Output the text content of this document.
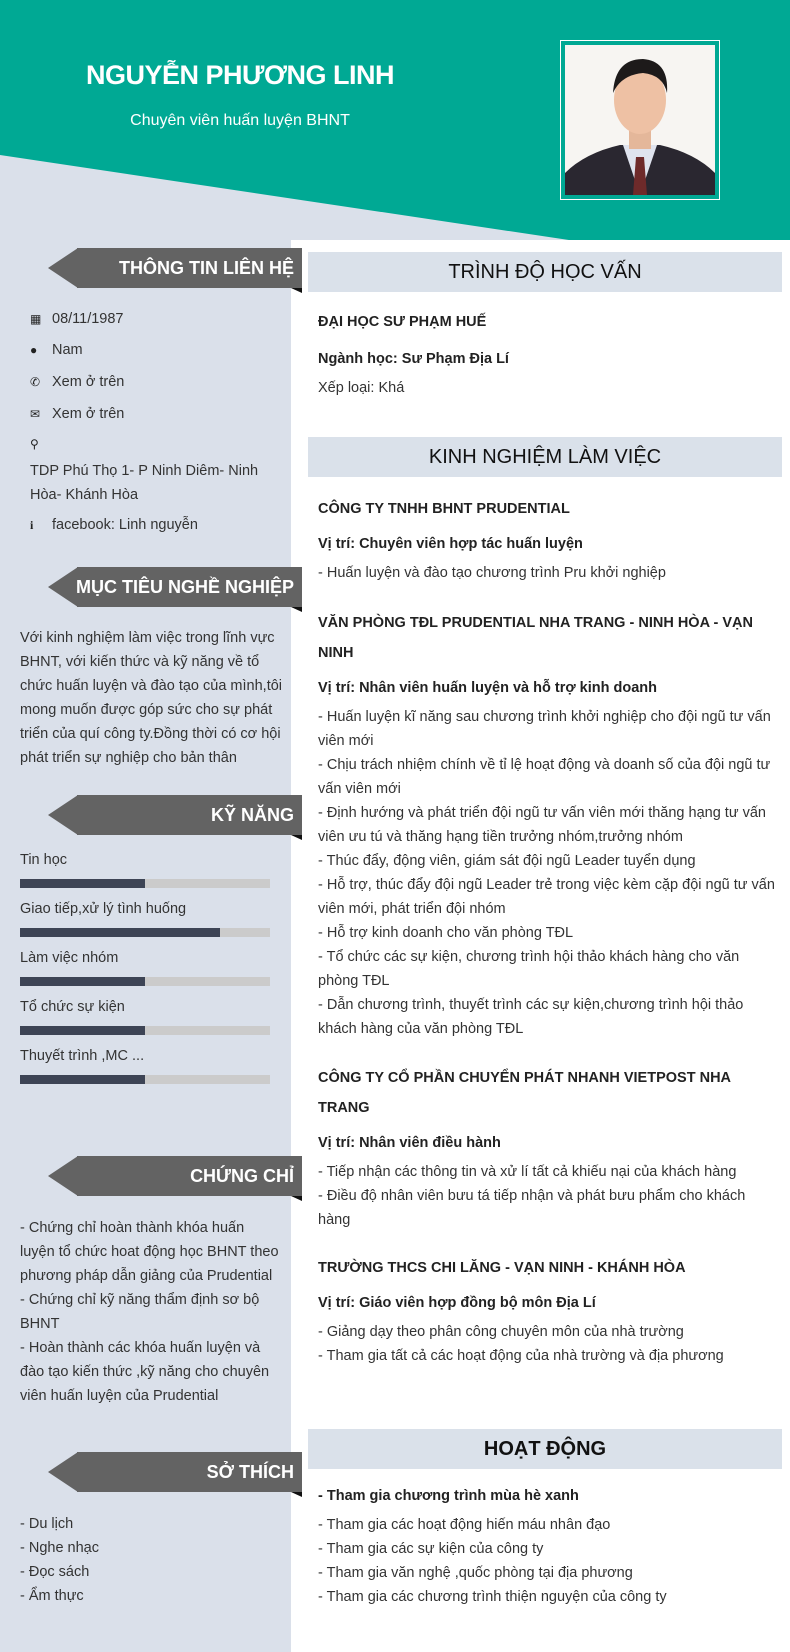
NGUYỄN PHƯƠNG LINH
Chuyên viên huấn luyện BHNT
THÔNG TIN LIÊN HỆ
▦ 08/11/1987
●	Nam
✆ Xem ở trên
✉ Xem ở trên
⚲
TDP Phú Thọ 1- P Ninh Diêm- Ninh Hòa- Khánh Hòa
i	facebook: Linh nguyễn
MỤC TIÊU NGHỀ NGHIỆP
Với kinh nghiệm làm việc trong lĩnh vực BHNT, với kiến thức và kỹ năng về tổ chức huấn luyện và đào tạo của mình,tôi mong muốn được góp sức cho sự phát triển của quí công ty.Đồng thời có cơ hội phát triển sự nghiệp cho bản thân
KỸ NĂNG
Tin học
Giao tiếp,xử lý tình huống
Làm việc nhóm
Tổ chức sự kiện
Thuyết trình ,MC ...
CHỨNG CHỈ
- Chứng chỉ hoàn thành khóa huấn luyện tổ chức hoat động học BHNT theo phương pháp dẫn giảng của Prudential
- Chứng chỉ kỹ năng thẩm định sơ bộ BHNT
- Hoàn thành các khóa huấn luyện và đào tạo kiến thức ,kỹ năng cho chuyên viên huấn luyện của Prudential
SỞ THÍCH
- Du lịch
- Nghe nhạc
- Đọc sách
- Ẩm thực
TRÌNH ĐỘ HỌC VẤN
ĐẠI HỌC SƯ PHẠM HUẾ
Ngành học: Sư Phạm Địa Lí
Xếp loại: Khá
KINH NGHIỆM LÀM VIỆC
CÔNG TY TNHH BHNT PRUDENTIAL
Vị trí: Chuyên viên hợp tác huấn luyện
- Huấn luyện và đào tạo chương trình Pru khởi nghiệp
VĂN PHÒNG TĐL PRUDENTIAL NHA TRANG - NINH HÒA - VẠN NINH
Vị trí: Nhân viên huấn luyện và hỗ trợ kinh doanh
- Huấn luyện kĩ năng sau chương trình khởi nghiệp cho đội ngũ tư vấn viên mới
- Chịu trách nhiệm chính về tỉ lệ hoạt động và doanh số của đội ngũ tư vấn viên mới
- Định hướng và phát triển đội ngũ tư vấn viên mới thăng hạng tư vấn viên ưu tú và thăng hạng tiền trưởng nhóm,trưởng nhóm
- Thúc đẩy, động viên, giám sát đội ngũ Leader tuyển dụng
- Hỗ trợ, thúc đẩy đội ngũ Leader trẻ trong việc kèm cặp đội ngũ tư vấn viên mới, phát triển đội nhóm
- Hỗ trợ kinh doanh cho văn phòng TĐL
- Tổ chức các sự kiện, chương trình hội thảo khách hàng cho văn phòng TĐL
- Dẫn chương trình, thuyết trình các sự kiện,chương trình hội thảo khách hàng của văn phòng TĐL
CÔNG TY CỔ PHẦN CHUYỂN PHÁT NHANH VIETPOST NHA TRANG
Vị trí: Nhân viên điều hành
- Tiếp nhận các thông tin và xử lí tất cả khiếu nại của khách hàng
- Điều độ nhân viên bưu tá tiếp nhận và phát bưu phẩm cho khách hàng
TRƯỜNG THCS CHI LĂNG - VẠN NINH - KHÁNH HÒA
Vị trí: Giáo viên hợp đồng bộ môn Địa Lí
- Giảng dạy theo phân công chuyên môn của nhà trường
- Tham gia tất cả các hoạt động của nhà trường và địa phương
HOẠT ĐỘNG
- Tham gia chương trình mùa hè xanh
- Tham gia các hoạt động hiến máu nhân đạo
- Tham gia các sự kiện của công ty
- Tham gia văn nghệ ,quốc phòng tại địa phương
- Tham gia các chương trình thiện nguyện của công ty
